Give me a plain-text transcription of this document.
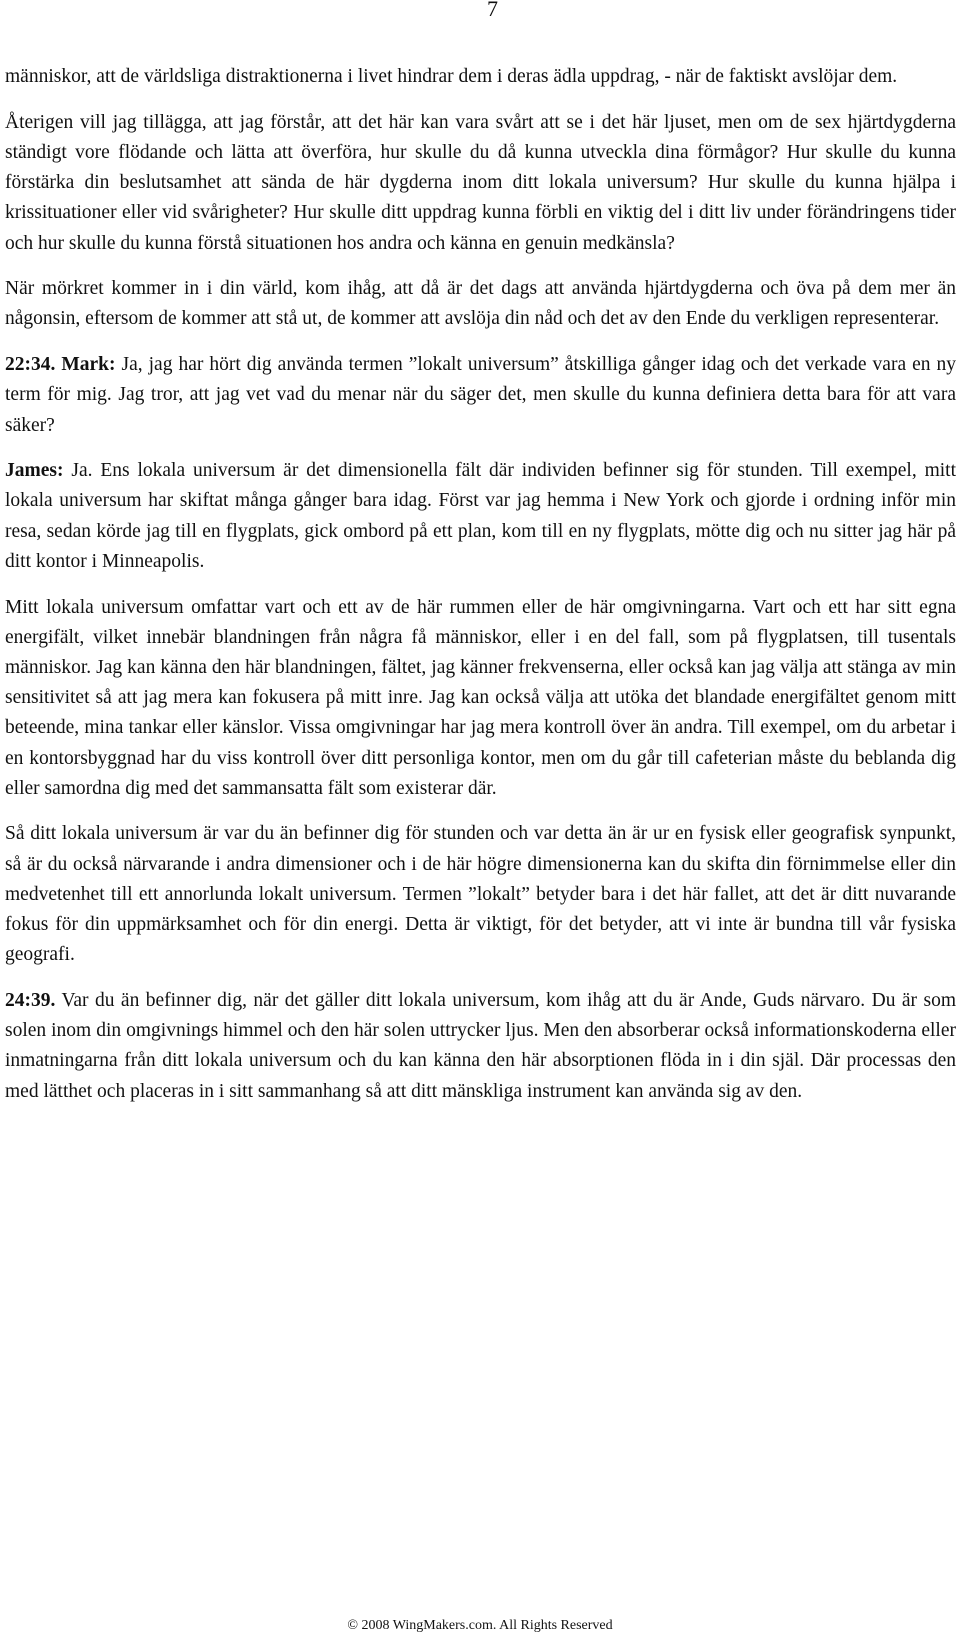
7

människor, att de världsliga distraktionerna i livet hindrar dem i deras ädla uppdrag, - när de faktiskt avslöjar dem.

Återigen vill jag tillägga, att jag förstår, att det här kan vara svårt att se i det här ljuset, men om de sex hjärtdygderna ständigt vore flödande och lätta att överföra, hur skulle du då kunna utveckla dina förmågor? Hur skulle du kunna förstärka din beslutsamhet att sända de här dygderna inom ditt lokala universum? Hur skulle du kunna hjälpa i krissituationer eller vid svårigheter? Hur skulle ditt uppdrag kunna förbli en viktig del i ditt liv under förändringens tider och hur skulle du kunna förstå situationen hos andra och känna en genuin medkänsla?

När mörkret kommer in i din värld, kom ihåg, att då är det dags att använda hjärtdygderna och öva på dem mer än någonsin, eftersom de kommer att stå ut, de kommer att avslöja din nåd och det av den Ende du verkligen representerar.

22:34. Mark: Ja, jag har hört dig använda termen ”lokalt universum” åtskilliga gånger idag och det verkade vara en ny term för mig. Jag tror, att jag vet vad du menar när du säger det, men skulle du kunna definiera detta bara för att vara säker?

James: Ja. Ens lokala universum är det dimensionella fält där individen befinner sig för stunden. Till exempel, mitt lokala universum har skiftat många gånger bara idag. Först var jag hemma i New York och gjorde i ordning inför min resa, sedan körde jag till en flygplats, gick ombord på ett plan, kom till en ny flygplats, mötte dig och nu sitter jag här på ditt kontor i Minneapolis.

Mitt lokala universum omfattar vart och ett av de här rummen eller de här omgivningarna. Vart och ett har sitt egna energifält, vilket innebär blandningen från några få människor, eller i en del fall, som på flygplatsen, till tusentals människor. Jag kan känna den här blandningen, fältet, jag känner frekvenserna, eller också kan jag välja att stänga av min sensitivitet så att jag mera kan fokusera på mitt inre. Jag kan också välja att utöka det blandade energifältet genom mitt beteende, mina tankar eller känslor. Vissa omgivningar har jag mera kontroll över än andra. Till exempel, om du arbetar i en kontorsbyggnad har du viss kontroll över ditt personliga kontor, men om du går till cafeterian måste du beblanda dig eller samordna dig med det sammansatta fält som existerar där.

Så ditt lokala universum är var du än befinner dig för stunden och var detta än är ur en fysisk eller geografisk synpunkt, så är du också närvarande i andra dimensioner och i de här högre dimensionerna kan du skifta din förnimmelse eller din medvetenhet till ett annorlunda lokalt universum. Termen ”lokalt” betyder bara i det här fallet, att det är ditt nuvarande fokus för din uppmärksamhet och för din energi. Detta är viktigt, för det betyder, att vi inte är bundna till vår fysiska geografi.

24:39. Var du än befinner dig, när det gäller ditt lokala universum, kom ihåg att du är Ande, Guds närvaro. Du är som solen inom din omgivnings himmel och den här solen uttrycker ljus. Men den absorberar också informationskoderna eller inmatningarna från ditt lokala universum och du kan känna den här absorptionen flöda in i din själ. Där processas den med lätthet och placeras in i sitt sammanhang så att ditt mänskliga instrument kan använda sig av den.

© 2008 WingMakers.com. All Rights Reserved
